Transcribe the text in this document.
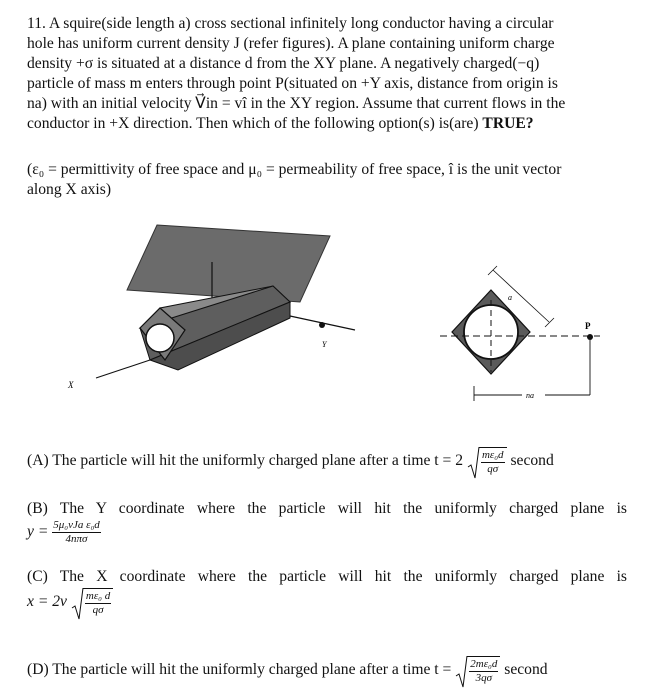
11. A squire(side length a) cross sectional infinitely long conductor having a circular
hole has uniform current density J (refer figures). A plane containing uniform charge
density +σ is situated at a distance d from the XY plane. A negatively charged(−q)
particle of mass m enters through point P(situated on +Y axis, distance from origin is
na) with an initial velocity V⃗in = vî in the XY region. Assume that current flows in the
conductor in +X direction. Then which of the following option(s) is(are) TRUE?
(ε₀ = permittivity of free space and μ₀ = permeability of free space, î is the unit vector
along X axis)
Y
X
a
P
na
(A) The particle will hit the uniformly charged plane after a time $t = 2 \frac{\text{mε₀d}}{q\sigma}$ second
(B) The Y coordinate where the particle will hit the uniformly charged plane is
$y = \frac{\text{5μ₀vJa ε₀d}}{\text{4nπσ}}$
(C) The X coordinate where the particle will hit the uniformly charged plane is
$x = 2v \frac{\text{mε₀ d}}{q\sigma}$
(D) The particle will hit the uniformly charged plane after a time $t = \frac{\text{2mε₀d}}{3q\sigma}$ second
